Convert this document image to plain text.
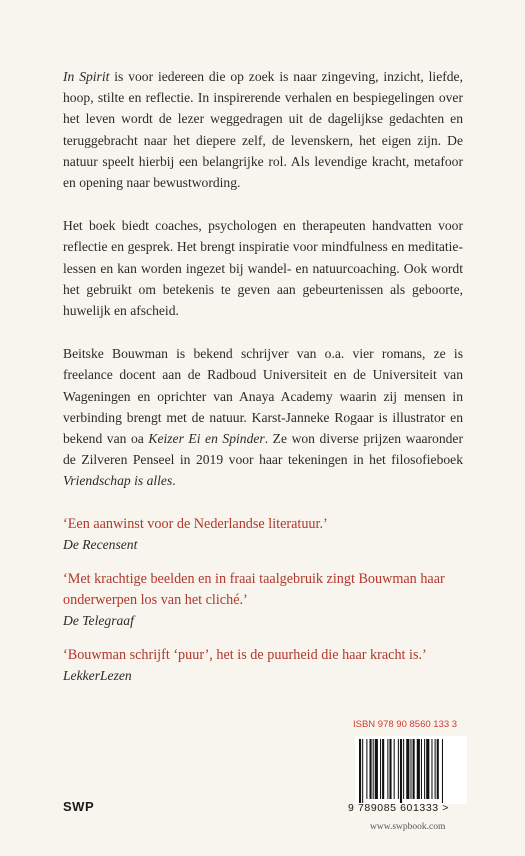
In Spirit is voor iedereen die op zoek is naar zingeving, inzicht, liefde, hoop, stilte en reflectie. In inspirerende verhalen en bespiegelingen over het leven wordt de lezer weggedragen uit de dagelijkse gedachten en teruggebracht naar het diepere zelf, de levenskern, het eigen zijn. De natuur speelt hierbij een belangrijke rol. Als levendige kracht, metafoor en opening naar bewustwording.

Het boek biedt coaches, psychologen en therapeuten handvatten voor reflectie en gesprek. Het brengt inspiratie voor mindfulness en meditatie-lessen en kan worden ingezet bij wandel- en natuurcoaching. Ook wordt het gebruikt om betekenis te geven aan gebeurtenissen als geboorte, huwelijk en afscheid.

Beitske Bouwman is bekend schrijver van o.a. vier romans, ze is freelance docent aan de Radboud Universiteit en de Universiteit van Wageningen en oprichter van Anaya Academy waarin zij mensen in verbinding brengt met de natuur. Karst-Janneke Rogaar is illustrator en bekend van oa Keizer Ei en Spinder. Ze won diverse prijzen waaronder de Zilveren Penseel in 2019 voor haar tekeningen in het filosofieboek Vriendschap is alles.

‘Een aanwinst voor de Nederlandse literatuur.’

De Recensent

‘Met krachtige beelden en in fraai taalgebruik zingt Bouwman haar onderwerpen los van het cliché.’

De Telegraaf

‘Bouwman schrijft ‘puur’, het is de puurheid die haar kracht is.’

LekkerLezen

SWP
ISBN 978 90 8560 133 3
9 789085 601333 >
www.swpbook.com
